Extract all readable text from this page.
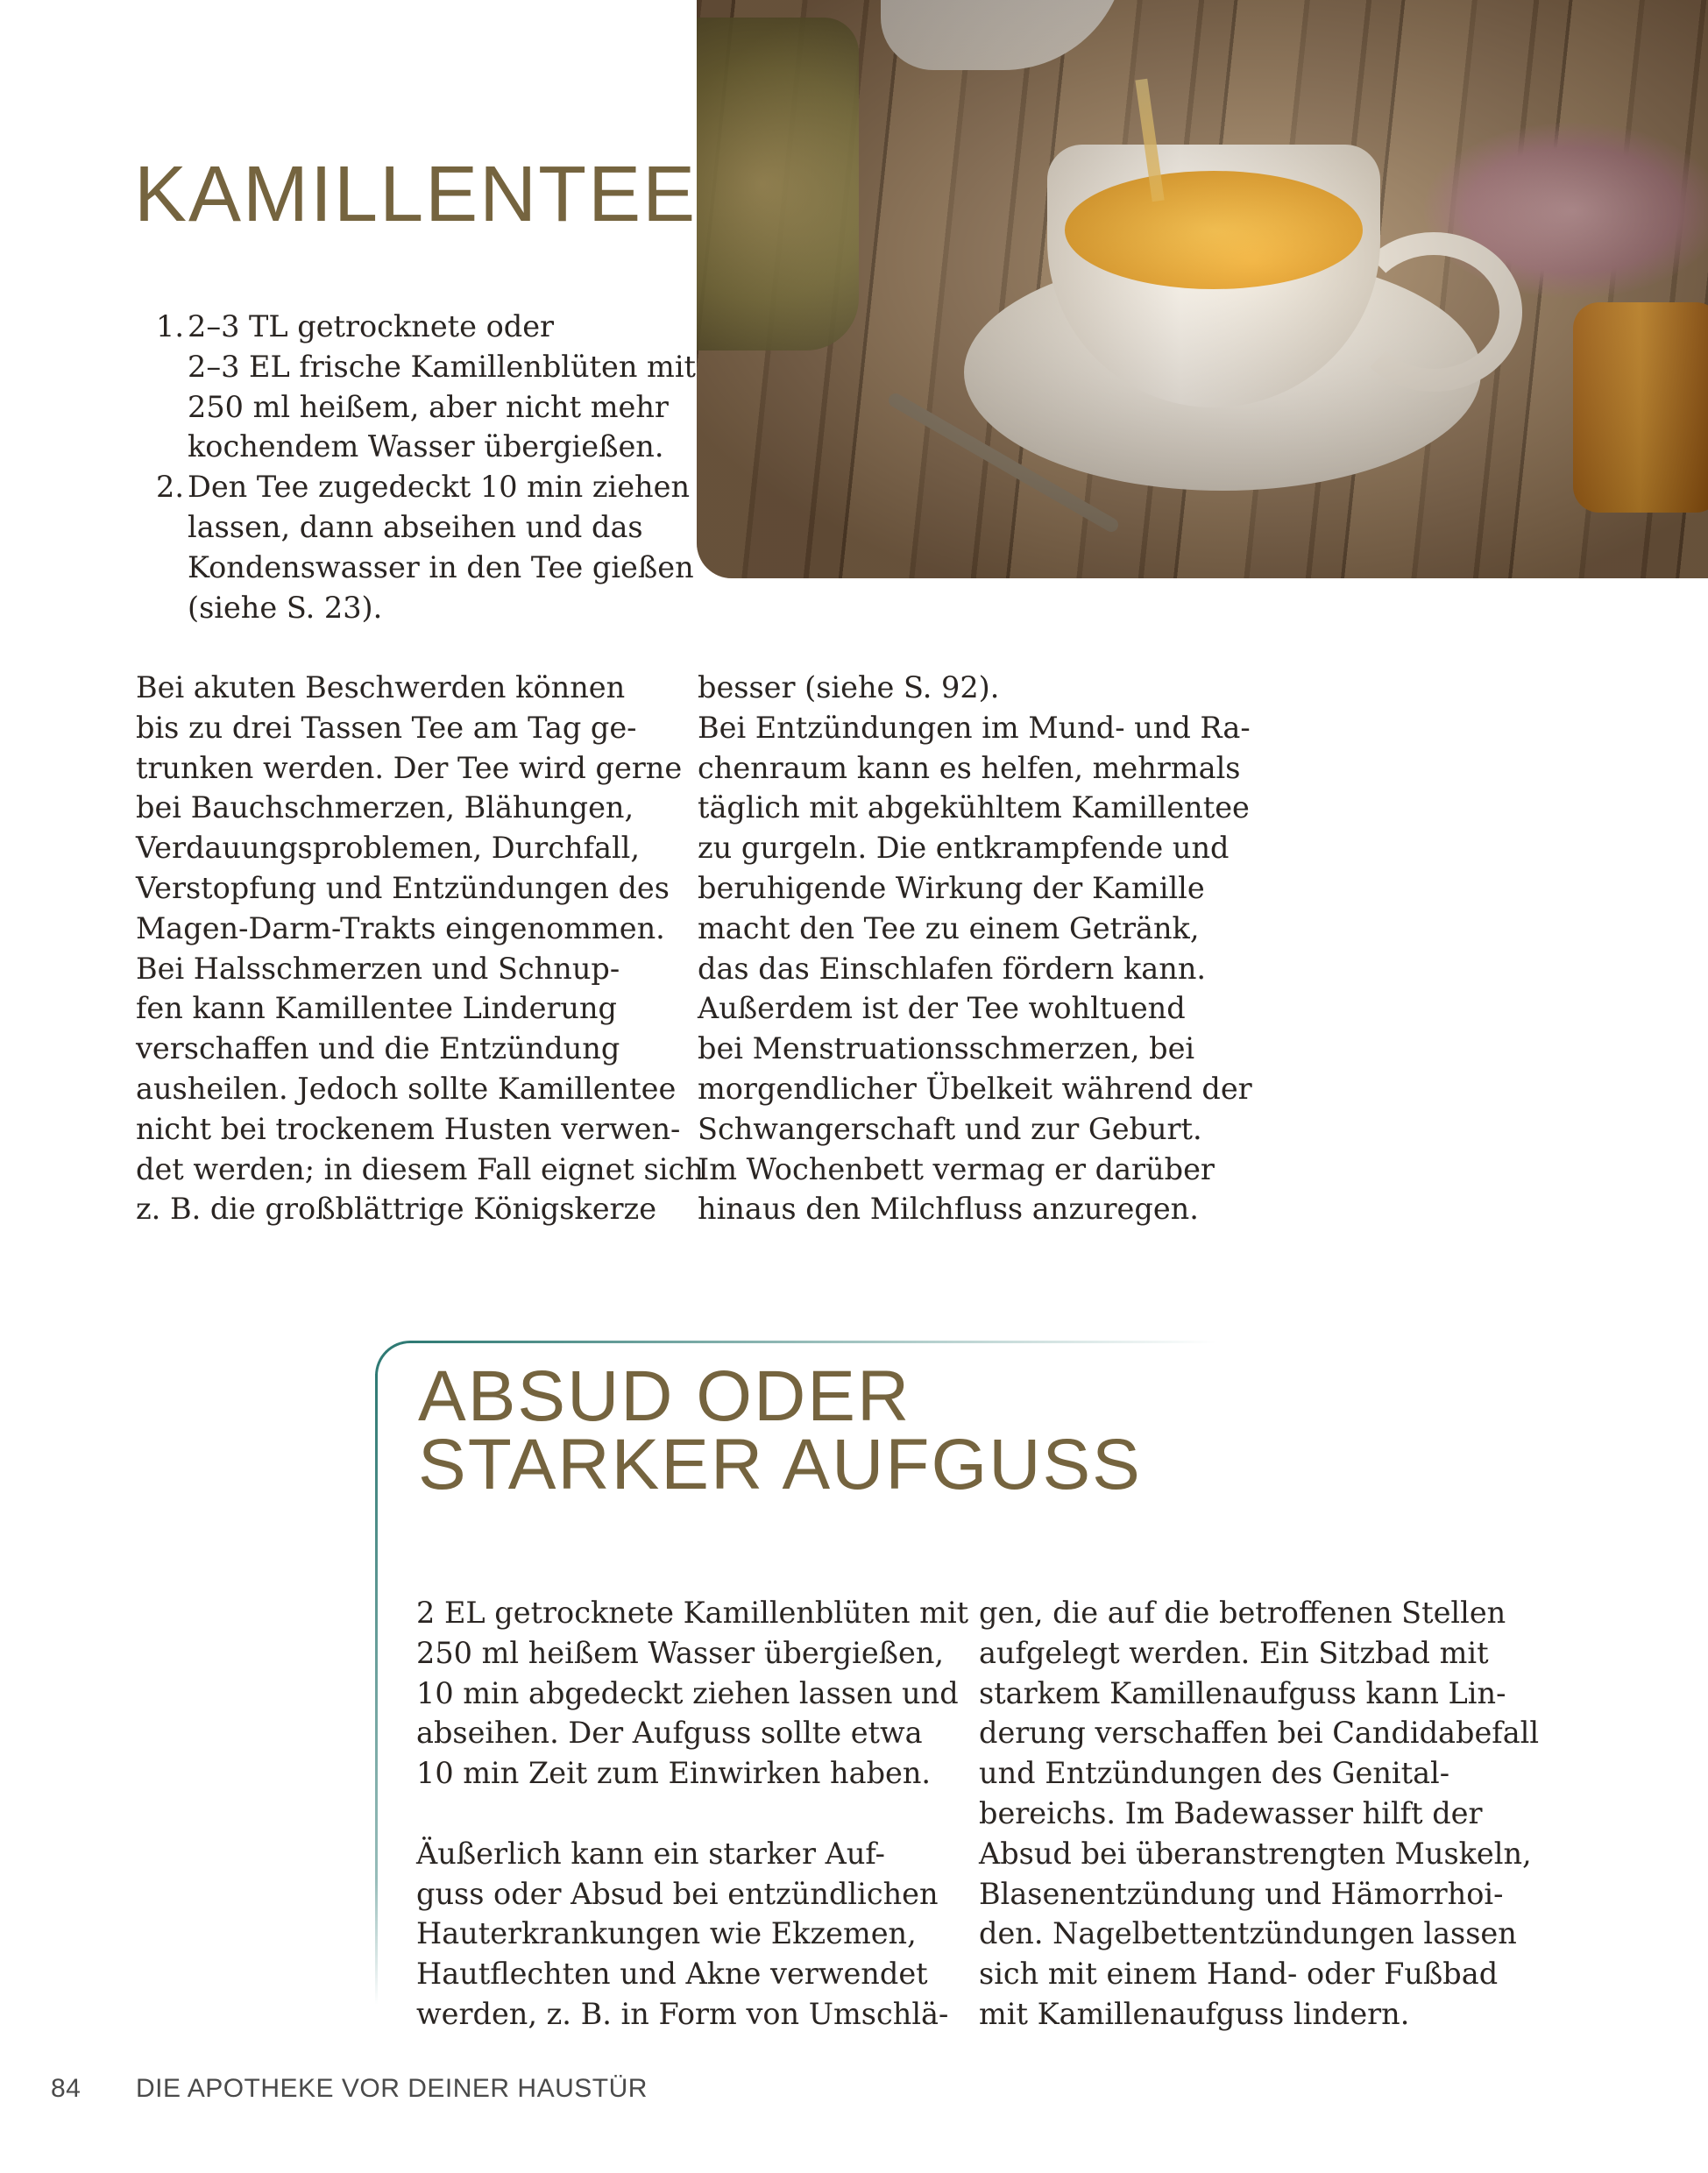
KAMILLENTEE
1. 2–3 TL getrocknete oder
2–3 EL frische Kamillenblüten mit
250 ml heißem, aber nicht mehr
kochendem Wasser übergießen.
2. Den Tee zugedeckt 10 min ziehen
lassen, dann abseihen und das
Kondenswasser in den Tee gießen
(siehe S. 23).
Bei akuten Beschwerden können
bis zu drei Tassen Tee am Tag ge-
trunken werden. Der Tee wird gerne
bei Bauchschmerzen, Blähungen,
Verdauungsproblemen, Durchfall,
Verstopfung und Entzündungen des
Magen-Darm-Trakts eingenommen.
Bei Halsschmerzen und Schnup-
fen kann Kamillentee Linderung
verschaffen und die Entzündung
ausheilen. Jedoch sollte Kamillentee
nicht bei trockenem Husten verwen-
det werden; in diesem Fall eignet sich
z. B. die großblättrige Königskerze
besser (siehe S. 92).
Bei Entzündungen im Mund- und Ra-
chenraum kann es helfen, mehrmals
täglich mit abgekühltem Kamillentee
zu gurgeln. Die entkrampfende und
beruhigende Wirkung der Kamille
macht den Tee zu einem Getränk,
das das Einschlafen fördern kann.
Außerdem ist der Tee wohltuend
bei Menstruationsschmerzen, bei
morgendlicher Übelkeit während der
Schwangerschaft und zur Geburt.
Im Wochenbett vermag er darüber
hinaus den Milchfluss anzuregen.
ABSUD ODER
STARKER AUFGUSS
2 EL getrocknete Kamillenblüten mit
250 ml heißem Wasser übergießen,
10 min abgedeckt ziehen lassen und
abseihen. Der Aufguss sollte etwa
10 min Zeit zum Einwirken haben.
Äußerlich kann ein starker Auf-
guss oder Absud bei entzündlichen
Hauterkrankungen wie Ekzemen,
Hautflechten und Akne verwendet
werden, z. B. in Form von Umschlä-
gen, die auf die betroffenen Stellen
aufgelegt werden. Ein Sitzbad mit
starkem Kamillenaufguss kann Lin-
derung verschaffen bei Candidabefall
und Entzündungen des Genital-
bereichs. Im Badewasser hilft der
Absud bei überanstrengten Muskeln,
Blasenentzündung und Hämorrhoi-
den. Nagelbettentzündungen lassen
sich mit einem Hand- oder Fußbad
mit Kamillenaufguss lindern.
84 DIE APOTHEKE VOR DEINER HAUSTÜR
